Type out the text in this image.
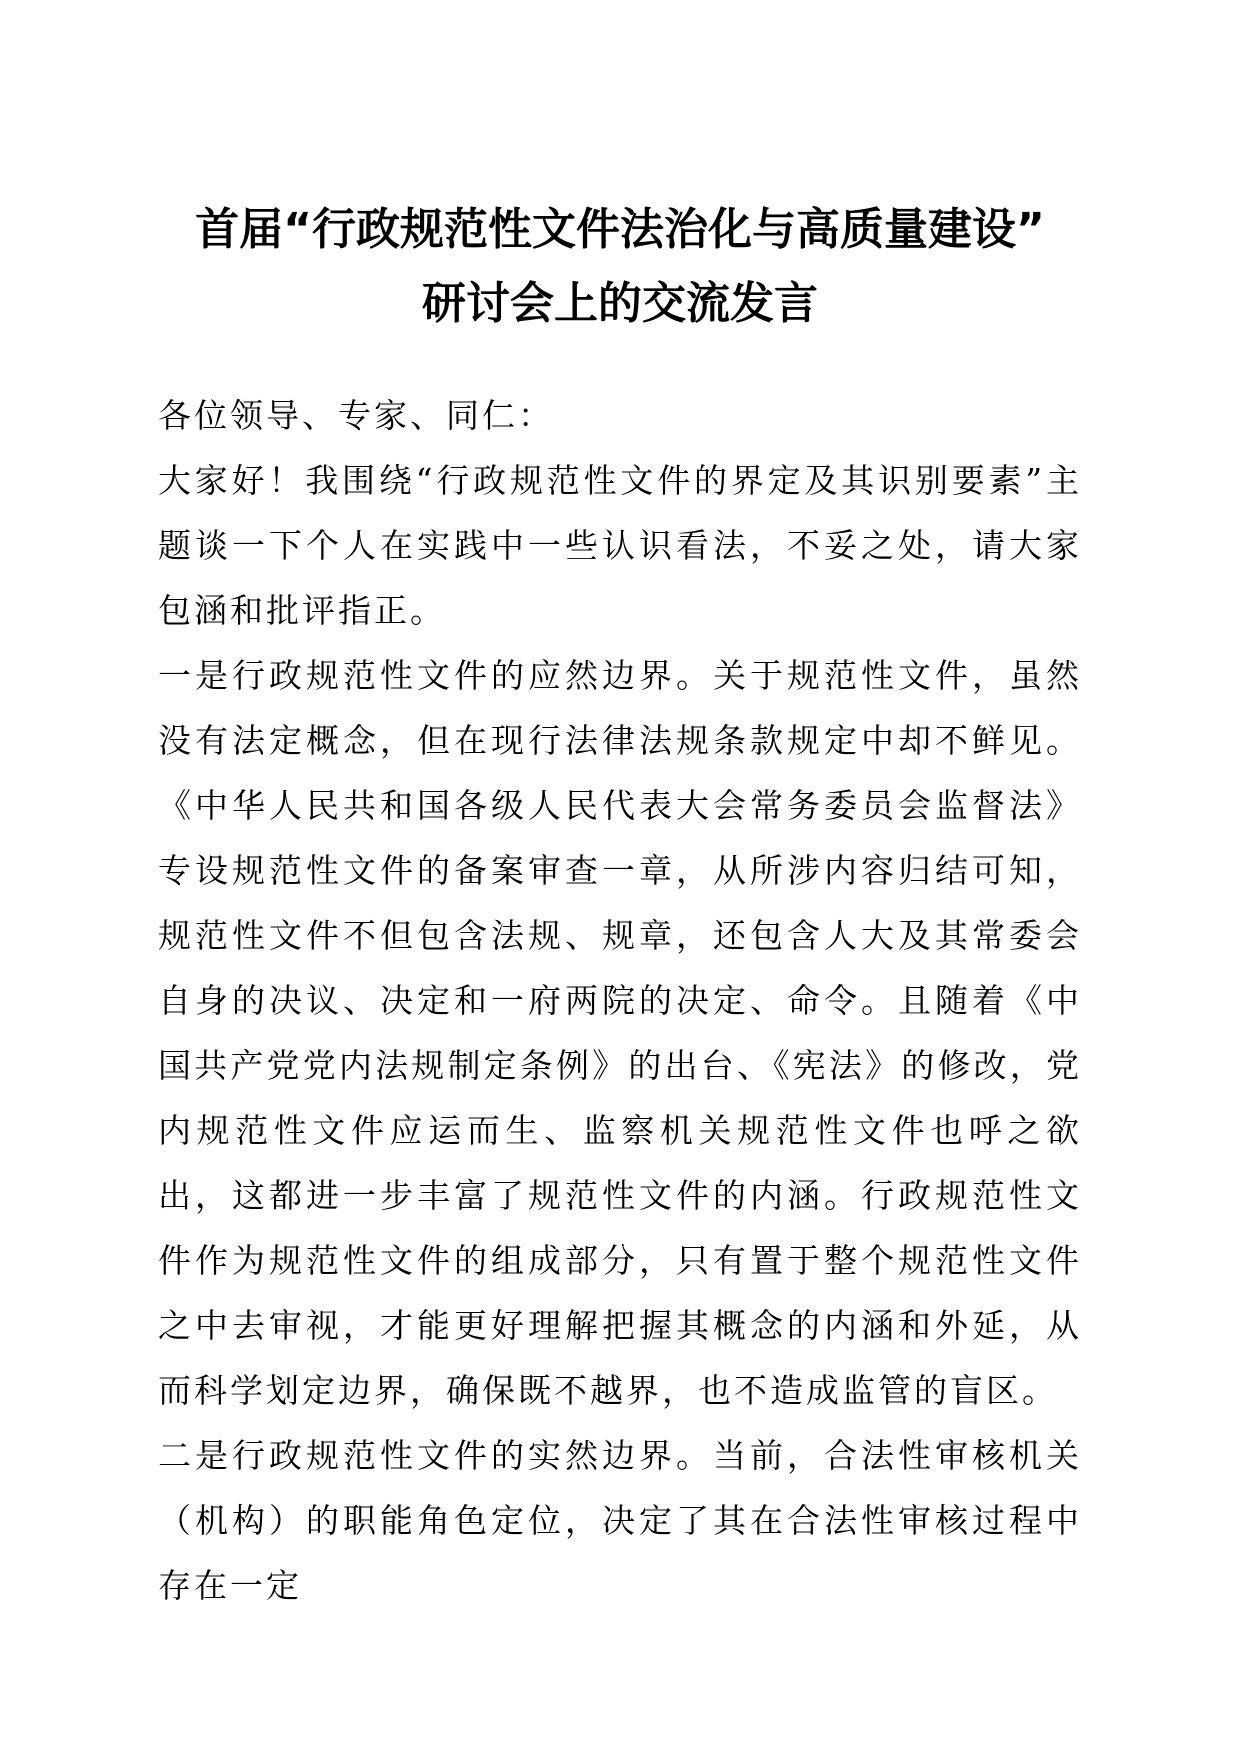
首届“行政规范性文件法治化与高质量建设”
研讨会上的交流发言

各位领导、专家、同仁：

大家好！我围绕“行政规范性文件的界定及其识别要素”主题谈一下个人在实践中一些认识看法，不妥之处，请大家包涵和批评指正。

一是行政规范性文件的应然边界。关于规范性文件，虽然没有法定概念，但在现行法律法规条款规定中却不鲜见。《中华人民共和国各级人民代表大会常务委员会监督法》专设规范性文件的备案审查一章，从所涉内容归结可知，规范性文件不但包含法规、规章，还包含人大及其常委会自身的决议、决定和一府两院的决定、命令。且随着《中国共产党党内法规制定条例》的出台、《宪法》的修改，党内规范性文件应运而生、监察机关规范性文件也呼之欲出，这都进一步丰富了规范性文件的内涵。行政规范性文件作为规范性文件的组成部分，只有置于整个规范性文件之中去审视，才能更好理解把握其概念的内涵和外延，从而科学划定边界，确保既不越界，也不造成监管的盲区。

二是行政规范性文件的实然边界。当前，合法性审核机关（机构）的职能角色定位，决定了其在合法性审核过程中存在一定
